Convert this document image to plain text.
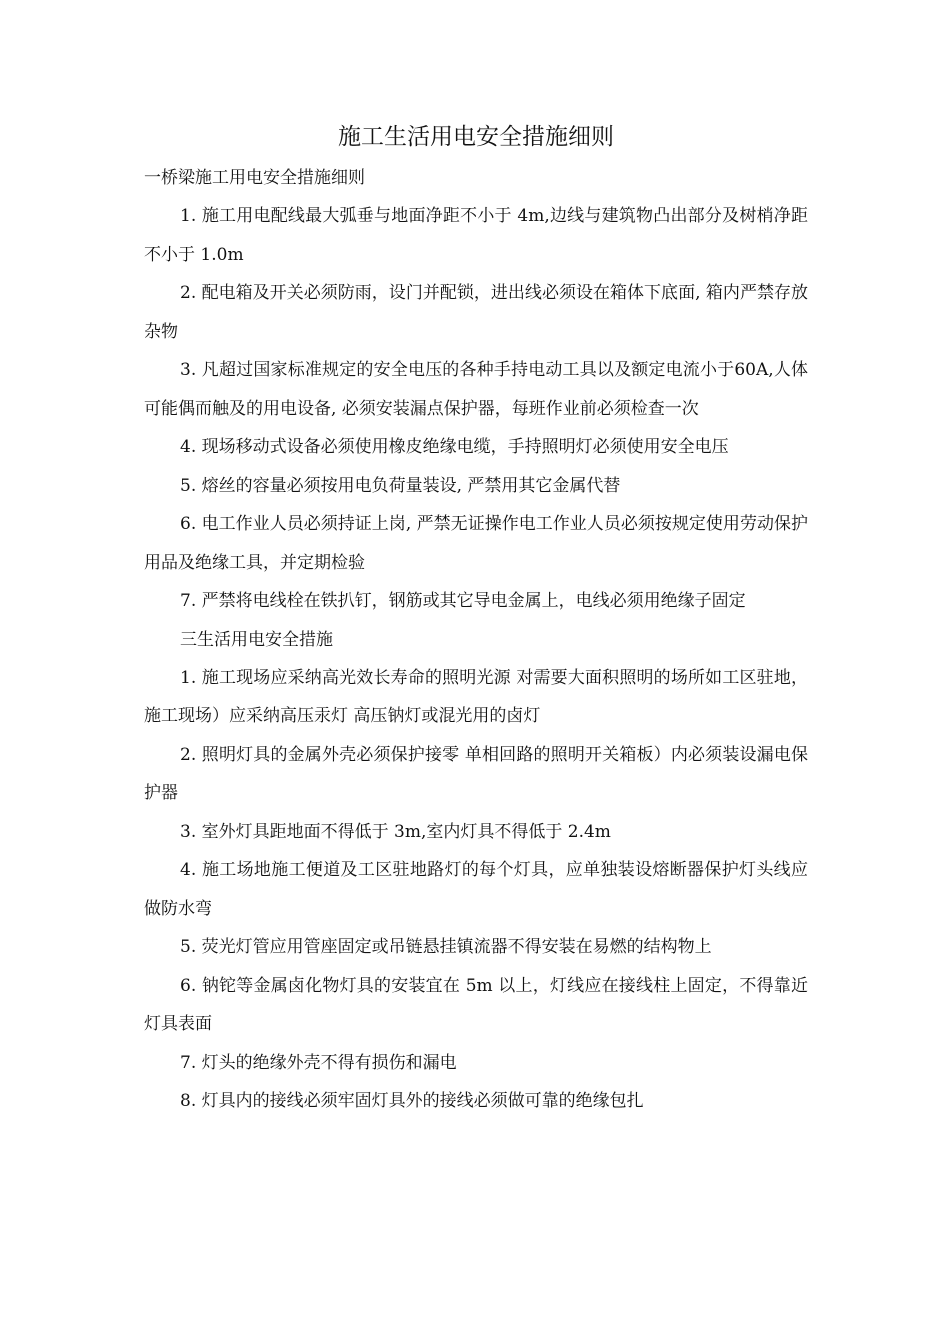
施工生活用电安全措施细则

一桥梁施工用电安全措施细则

1. 施工用电配线最大弧垂与地面净距不小于 4m,边线与建筑物凸出部分及树梢净距不小于 1.0m

2. 配电箱及开关必须防雨，设门并配锁，进出线必须设在箱体下底面, 箱内严禁存放杂物

3. 凡超过国家标准规定的安全电压的各种手持电动工具以及额定电流小于60A,人体可能偶而触及的用电设备, 必须安装漏点保护器，每班作业前必须检查一次

4. 现场移动式设备必须使用橡皮绝缘电缆，手持照明灯必须使用安全电压

5. 熔丝的容量必须按用电负荷量装设, 严禁用其它金属代替

6. 电工作业人员必须持证上岗, 严禁无证操作电工作业人员必须按规定使用劳动保护用品及绝缘工具，并定期检验

7. 严禁将电线栓在铁扒钉，钢筋或其它导电金属上，电线必须用绝缘子固定

三生活用电安全措施

1. 施工现场应采纳高光效长寿命的照明光源 对需要大面积照明的场所如工区驻地，施工现场）应采纳高压汞灯 高压钠灯或混光用的卤灯

2. 照明灯具的金属外壳必须保护接零 单相回路的照明开关箱板）内必须装设漏电保护器

3. 室外灯具距地面不得低于 3m,室内灯具不得低于 2.4m

4. 施工场地施工便道及工区驻地路灯的每个灯具，应单独装设熔断器保护灯头线应做防水弯

5. 荧光灯管应用管座固定或吊链悬挂镇流器不得安装在易燃的结构物上

6. 钠铊等金属卤化物灯具的安装宜在 5m 以上，灯线应在接线柱上固定，不得靠近灯具表面

7. 灯头的绝缘外壳不得有损伤和漏电

8. 灯具内的接线必须牢固灯具外的接线必须做可靠的绝缘包扎
